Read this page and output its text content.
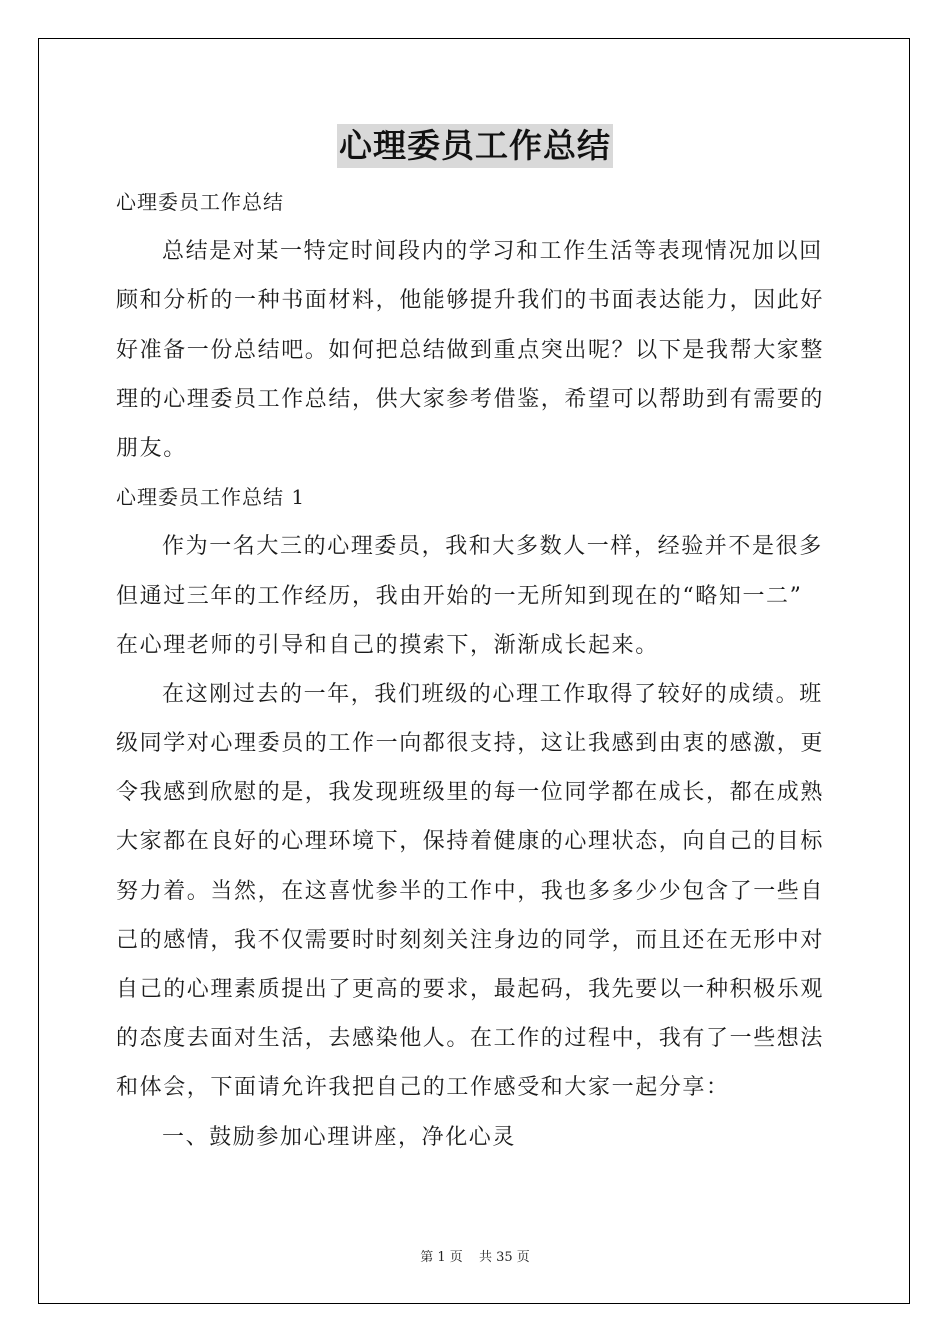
心理委员工作总结
心理委员工作总结
总结是对某一特定时间段内的学习和工作生活等表现情况加以回
顾和分析的一种书面材料，他能够提升我们的书面表达能力，因此好
好准备一份总结吧。如何把总结做到重点突出呢？以下是我帮大家整
理的心理委员工作总结，供大家参考借鉴，希望可以帮助到有需要的
朋友。
心理委员工作总结 1
作为一名大三的心理委员，我和大多数人一样，经验并不是很多
但通过三年的工作经历，我由开始的一无所知到现在的“略知一二”
在心理老师的引导和自己的摸索下，渐渐成长起来。
在这刚过去的一年，我们班级的心理工作取得了较好的成绩。班
级同学对心理委员的工作一向都很支持，这让我感到由衷的感激，更
令我感到欣慰的是，我发现班级里的每一位同学都在成长，都在成熟
大家都在良好的心理环境下，保持着健康的心理状态，向自己的目标
努力着。当然，在这喜忧参半的工作中，我也多多少少包含了一些自
己的感情，我不仅需要时时刻刻关注身边的同学，而且还在无形中对
自己的心理素质提出了更高的要求，最起码，我先要以一种积极乐观
的态度去面对生活，去感染他人。在工作的过程中，我有了一些想法
和体会，下面请允许我把自己的工作感受和大家一起分享：
一、鼓励参加心理讲座，净化心灵
第 1 页 共 35 页
